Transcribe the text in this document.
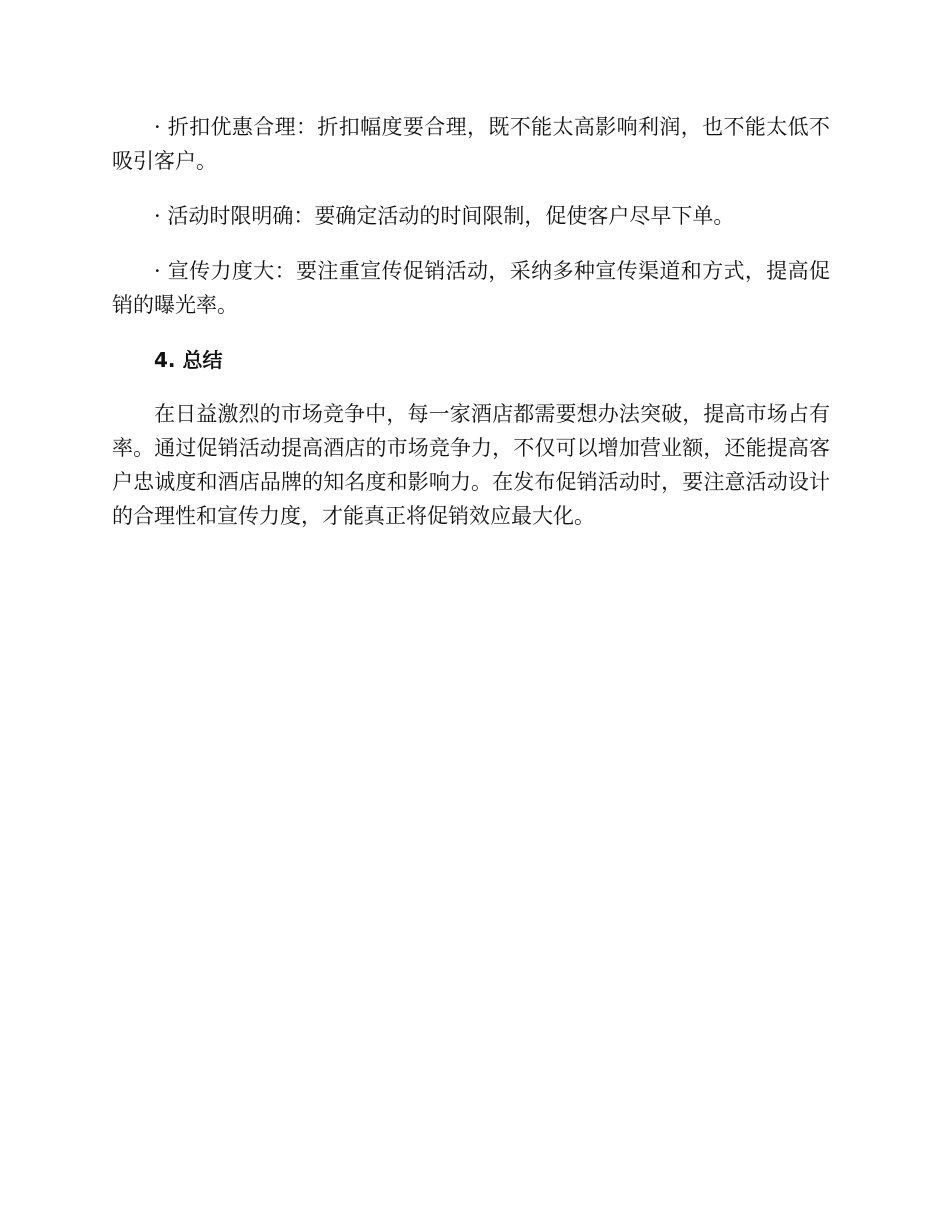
· 折扣优惠合理：折扣幅度要合理，既不能太高影响利润，也不能太低不吸引客户。

· 活动时限明确：要确定活动的时间限制，促使客户尽早下单。

· 宣传力度大：要注重宣传促销活动，采纳多种宣传渠道和方式，提高促销的曝光率。

4. 总结

在日益激烈的市场竞争中，每一家酒店都需要想办法突破，提高市场占有率。通过促销活动提高酒店的市场竞争力，不仅可以增加营业额，还能提高客户忠诚度和酒店品牌的知名度和影响力。在发布促销活动时，要注意活动设计的合理性和宣传力度，才能真正将促销效应最大化。
